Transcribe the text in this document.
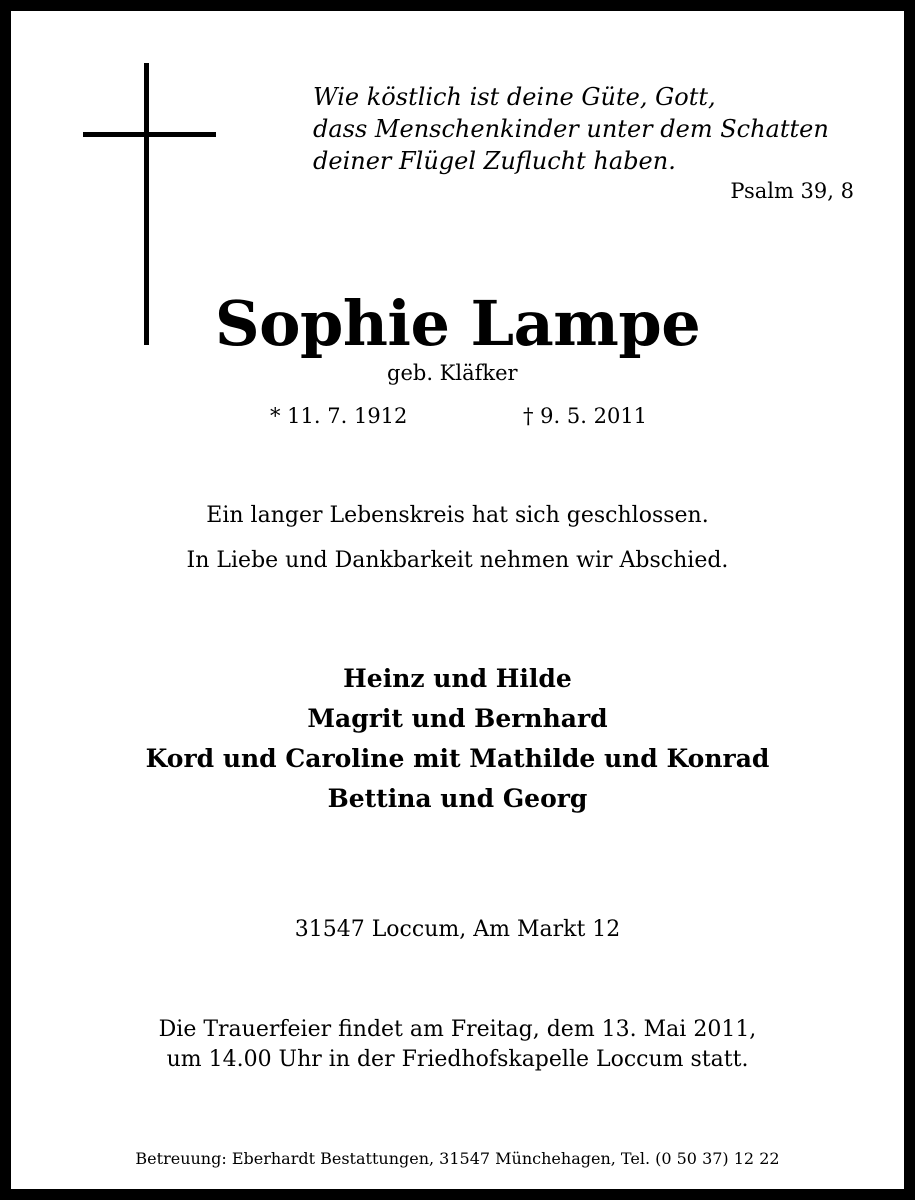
Wie köstlich ist deine Güte, Gott,
dass Menschenkinder unter dem Schatten
deiner Flügel Zuflucht haben.
Psalm 39, 8
Sophie Lampe
geb. Kläfker
* 11. 7. 1912	† 9. 5. 2011
Ein langer Lebenskreis hat sich geschlossen.
In Liebe und Dankbarkeit nehmen wir Abschied.
Heinz und Hilde
Magrit und Bernhard
Kord und Caroline mit Mathilde und Konrad
Bettina und Georg
31547 Loccum, Am Markt 12
Die Trauerfeier findet am Freitag, dem 13. Mai 2011,
um 14.00 Uhr in der Friedhofskapelle Loccum statt.
Betreuung: Eberhardt Bestattungen, 31547 Münchehagen, Tel. (0 50 37) 12 22
